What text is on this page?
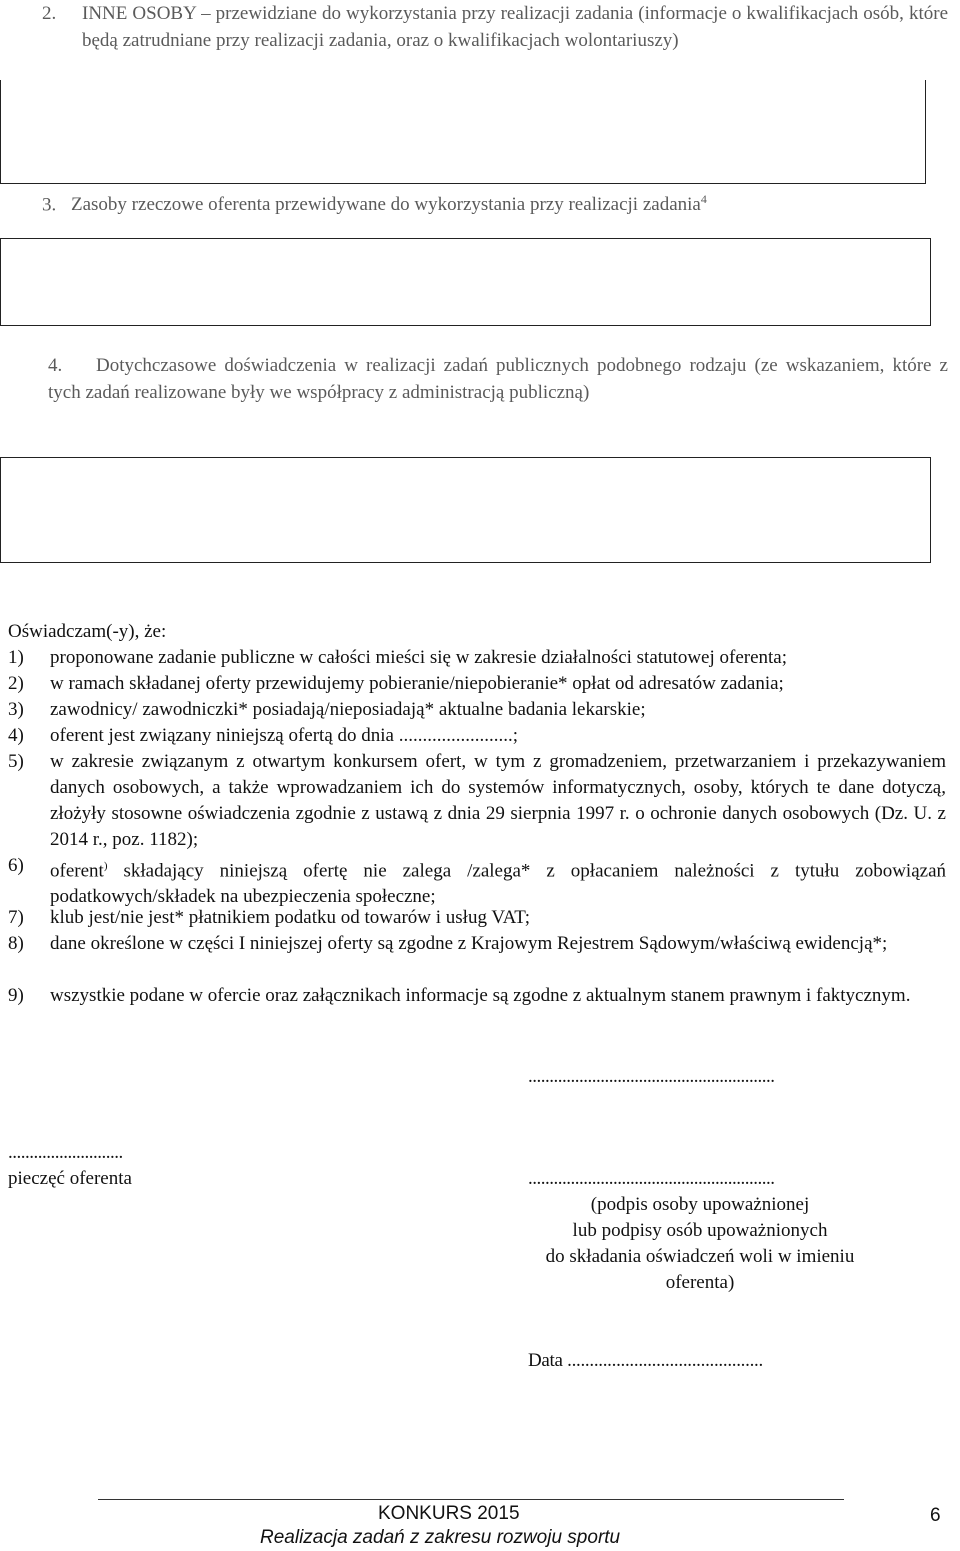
2. INNE OSOBY – przewidziane do wykorzystania przy realizacji zadania (informacje o kwalifikacjach osób, które będą zatrudniane przy realizacji zadania, oraz o kwalifikacjach wolontariuszy)
3. Zasoby rzeczowe oferenta przewidywane do wykorzystania przy realizacji zadania$^4$
4.	Dotychczasowe doświadczenia w realizacji zadań publicznych podobnego rodzaju (ze wskazaniem, które z tych zadań realizowane były we współpracy z administracją publiczną)
Oświadczam(-y), że:
1) proponowane zadanie publiczne w całości mieści się w zakresie działalności statutowej oferenta;
2) w ramach składanej oferty przewidujemy pobieranie/niepobieranie* opłat od adresatów zadania;
3) zawodnicy/ zawodniczki* posiadają/nieposiadają* aktualne badania lekarskie;
4) oferent jest związany niniejszą ofertą do dnia ........................;
5) w zakresie związanym z otwartym konkursem ofert, w tym z gromadzeniem, przetwarzaniem i przekazywaniem danych osobowych, a także wprowadzaniem ich do systemów informatycznych, osoby, których te dane dotyczą, złożyły stosowne oświadczenia zgodnie z ustawą z dnia 29 sierpnia 1997 r. o ochronie danych osobowych (Dz. U. z 2014 r., poz. 1182);
6) oferent) składający niniejszą ofertę nie zalega /zalega* z opłacaniem należności z tytułu zobowiązań podatkowych/składek na ubezpieczenia społeczne;
7) klub jest/nie jest* płatnikiem podatku od towarów i usług VAT;
8) dane określone w części I niniejszej oferty są zgodne z Krajowym Rejestrem Sądowym/właściwą ewidencją*;
9) wszystkie podane w ofercie oraz załącznikach informacje są zgodne z aktualnym stanem prawnym i faktycznym.
..........................................................
...........................
pieczęć oferenta	..........................................................
(podpis osoby upoważnionej
lub podpisy osób upoważnionych
do składania oświadczeń woli w imieniu
oferenta)
Data ............................................
KONKURS 2015
Realizacja zadań z zakresu rozwoju sportu
6
